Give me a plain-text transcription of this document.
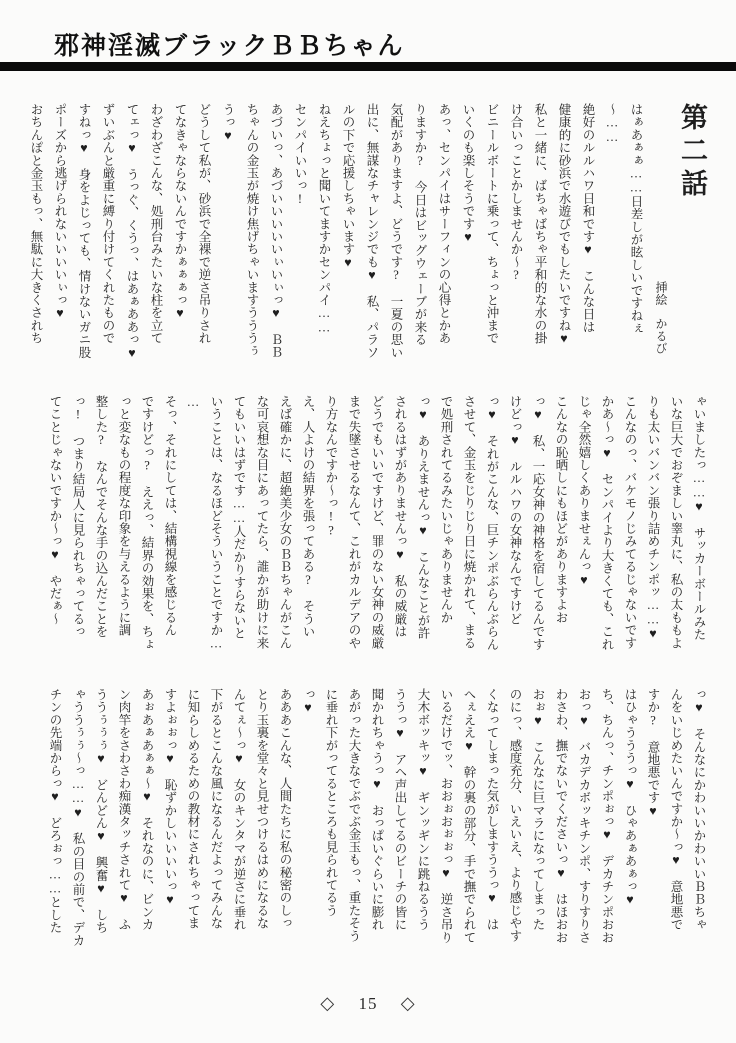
邪神淫滅ブラックＢＢちゃん

第二話

挿絵　かるび

はぁあぁぁ……日差しが眩しいですねぇ

〜……

絶好のルルハワ日和です♥　こんな日は

健康的に砂浜で水遊びでもしたいですね♥

私と一緒に、ばちゃばちゃ平和的な水の掛

け合いっことかしませんか〜?

ビニールボートに乗って、ちょっと沖まで

いくのも楽しそうです♥

あっ、センパイはサーフィンの心得とかあ

りますか?　今日はビッグウェーブが来る

気配がありますよ、どうです?　一夏の思い

出に、無謀なチャレンジでも♥　私、パラソ

ルの下で応援しちゃいます♥

ねえちょっと聞いてますかセンパイ……

センパイいいっ!

あづいっ、あづいいいいいぃいぃっ♥　ＢＢ

ちゃんの金玉が焼け焦げちゃいますうううぅ

うっ♥

どうして私が、砂浜で全裸で逆さ吊りされ

てなきゃならないんですかぁぁぁっ♥

わざわざこんな、処刑台みたいな柱を立て

てェっ♥　うっぐ、くうっ、はあぁああっ♥

ずいぶんと厳重に縛り付けてくれたもので

すねっ♥　身をよじっても、情けないガニ股

ポーズから逃げられないいいいぃっ♥

おちんぽと金玉もっ、無駄に大きくされち

ゃいましたっ……♥　サッカーボールみた

いな巨大でおぞましい睾丸に、私の太ももよ

りも太いバンバン張り詰めチンポッ……♥

こんなのっ、バケモノじみてるじゃないです

かあ〜っ♥　センパイより大きくても、これ

じゃ全然嬉しくありませぇんっ♥

こんなの恥晒しにもほどがありますよお

っ♥　私、一応女神の神格を宿してるんです

けどっ♥　ルルハワの女神なんですけど

っ♥　それがこんな、巨チンポぶらんぶらん

させて、金玉をじりじり日に焼かれて、まる

で処刑されてるみたいじゃありませんか

っ♥　ありえませんっ♥　こんなことが許

されるはずがありませんっ♥　私の威厳は

どうでもいいですけど、罪のない女神の威厳

まで失墜させるなんて、これがカルデアのや

り方なんですか〜っ!?

え、人よけの結界を張ってある?　そうい

えば確かに、超絶美少女のＢＢちゃんがこん

な可哀想な目にあってたら、誰かが助けに来

てもいいはずです……人だかりすらないと

いうことは、なるほどそういうことですか…

…

そっ、それにしては、結構視線を感じるん

ですけどっ?　ええっ、結界の効果を、ちょ

っと変なもの程度な印象を与えるように調

整した?　なんでそんな手の込んだことを

っ!　つまり結局人に見られちゃってるっ

てことじゃないですか〜っ♥　やだぁ〜

っ♥　そんなにかわいいかわいいＢＢちゃ

んをいじめたいんですか〜っ♥　意地悪で

すか?　意地悪です♥

はひゃうううっ♥　ひゃあぁあぁっ♥

ち、ちんっ、チンポぉっ♥　デカチンポおお

おっ♥　バカデカボッキチンポ、すりすりさ

わさわ、撫でないでくださいっ♥　はほおお

おぉ♥　こんなに巨マラになってしまった

のにっ、感度充分、いえいえ、より感じやす

くなってしまった気がしますううっ♥　は

へぇええ♥　幹の裏の部分、手で撫でられて

いるだけでッ、おおぉおぉぉっ♥　逆さ吊り

大木ボッキッ♥　ギンッギンに跳ねるうう

ううっ♥　アヘ声出してるのビーチの皆に

聞かれちゃうっ♥　おっぱいぐらいに膨れ

あがった大きなでぶでぶ金玉もっ、重たそう

に垂れ下がってるところも見られてるう

っ♥

あああこんな、人間たちに私の秘密のしっ

とり玉裏を堂々と見せつけるはめになるな

んてぇ〜っ♥　女のキンタマが逆さに垂れ

下がるとこんな風になるんだよってみんな

に知らしめるための教材にされちゃってま

すよぉぉっ♥　恥ずかしいいいいっ♥

あぉあぁあぁぁ〜♥　それなのに、ビンカ

ン肉竿をさわさわ痴漢タッチされて♥　ふ

ううぅぅぅ♥　どんどん♥　興奮♥　しち

ゃううぅぅ〜っ……♥　私の目の前で、デカ

チンの先端からっ♥　どろぉっ……とした

◇ 15 ◇
